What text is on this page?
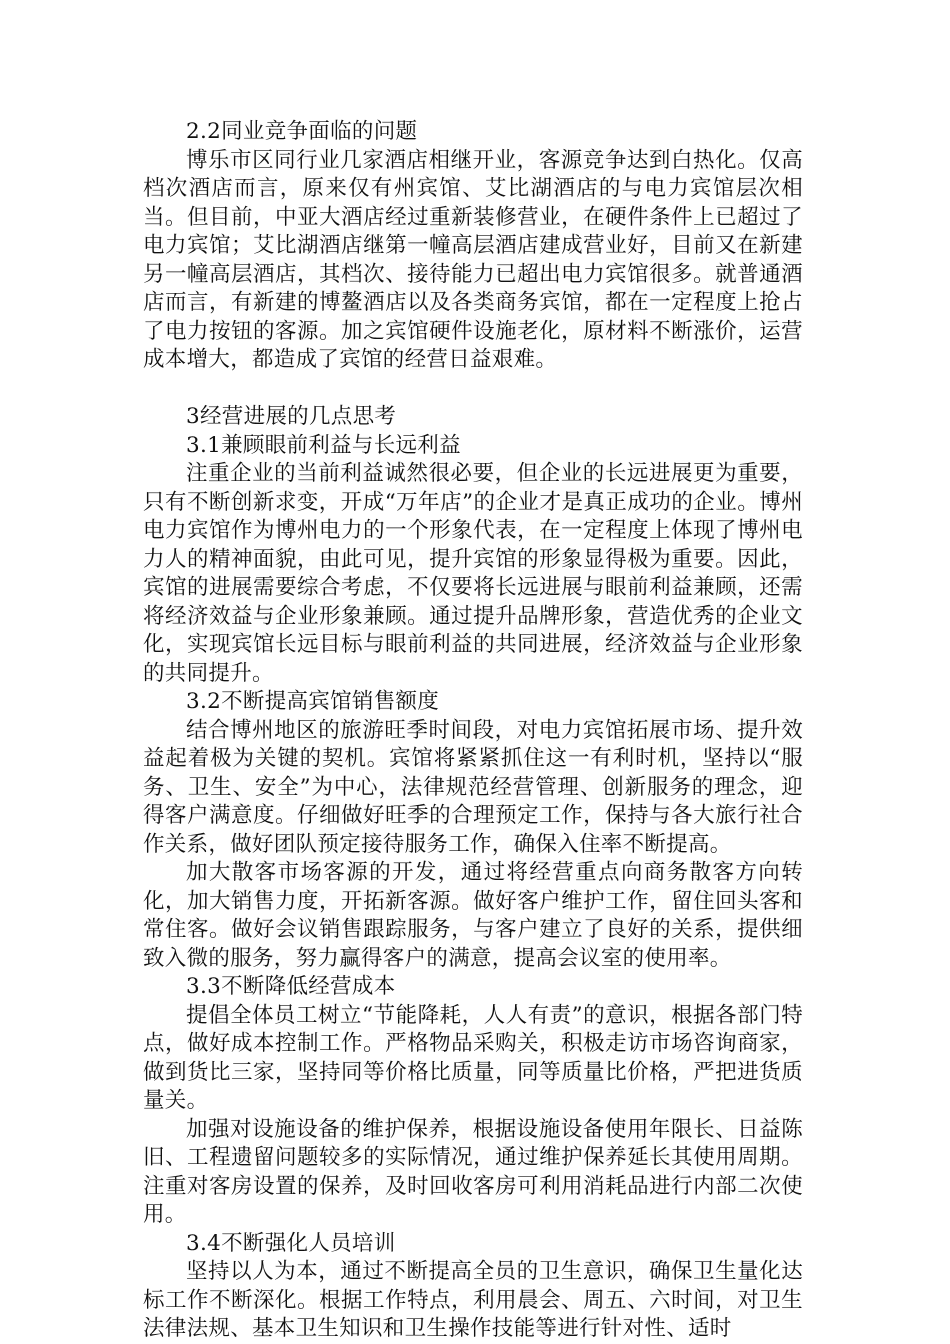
2.2同业竞争面临的问题

博乐市区同行业几家酒店相继开业，客源竞争达到白热化。仅高档次酒店而言，原来仅有州宾馆、艾比湖酒店的与电力宾馆层次相当。但目前，中亚大酒店经过重新装修营业，在硬件条件上已超过了电力宾馆；艾比湖酒店继第一幢高层酒店建成营业好，目前又在新建另一幢高层酒店，其档次、接待能力已超出电力宾馆很多。就普通酒店而言，有新建的博鳌酒店以及各类商务宾馆，都在一定程度上抢占了电力按钮的客源。加之宾馆硬件设施老化，原材料不断涨价，运营成本增大，都造成了宾馆的经营日益艰难。

3经营进展的几点思考
3.1兼顾眼前利益与长远利益

注重企业的当前利益诚然很必要，但企业的长远进展更为重要，只有不断创新求变，开成“万年店”的企业才是真正成功的企业。博州电力宾馆作为博州电力的一个形象代表，在一定程度上体现了博州电力人的精神面貌，由此可见，提升宾馆的形象显得极为重要。因此，宾馆的进展需要综合考虑，不仅要将长远进展与眼前利益兼顾，还需将经济效益与企业形象兼顾。通过提升品牌形象，营造优秀的企业文化，实现宾馆长远目标与眼前利益的共同进展，经济效益与企业形象的共同提升。

3.2不断提高宾馆销售额度

结合博州地区的旅游旺季时间段，对电力宾馆拓展市场、提升效益起着极为关键的契机。宾馆将紧紧抓住这一有利时机，坚持以“服务、卫生、安全”为中心，法律规范经营管理、创新服务的理念，迎得客户满意度。仔细做好旺季的合理预定工作，保持与各大旅行社合作关系，做好团队预定接待服务工作，确保入住率不断提高。

加大散客市场客源的开发，通过将经营重点向商务散客方向转化，加大销售力度，开拓新客源。做好客户维护工作，留住回头客和常住客。做好会议销售跟踪服务，与客户建立了良好的关系，提供细致入微的服务，努力赢得客户的满意，提高会议室的使用率。

3.3不断降低经营成本

提倡全体员工树立“节能降耗，人人有责”的意识，根据各部门特点，做好成本控制工作。严格物品采购关，积极走访市场咨询商家，做到货比三家，坚持同等价格比质量，同等质量比价格，严把进货质量关。

加强对设施设备的维护保养，根据设施设备使用年限长、日益陈旧、工程遗留问题较多的实际情况，通过维护保养延长其使用周期。注重对客房设置的保养，及时回收客房可利用消耗品进行内部二次使用。

3.4不断强化人员培训

坚持以人为本，通过不断提高全员的卫生意识，确保卫生量化达标工作不断深化。根据工作特点，利用晨会、周五、六时间，对卫生法律法规、基本卫生知识和卫生操作技能等进行针对性、适时
